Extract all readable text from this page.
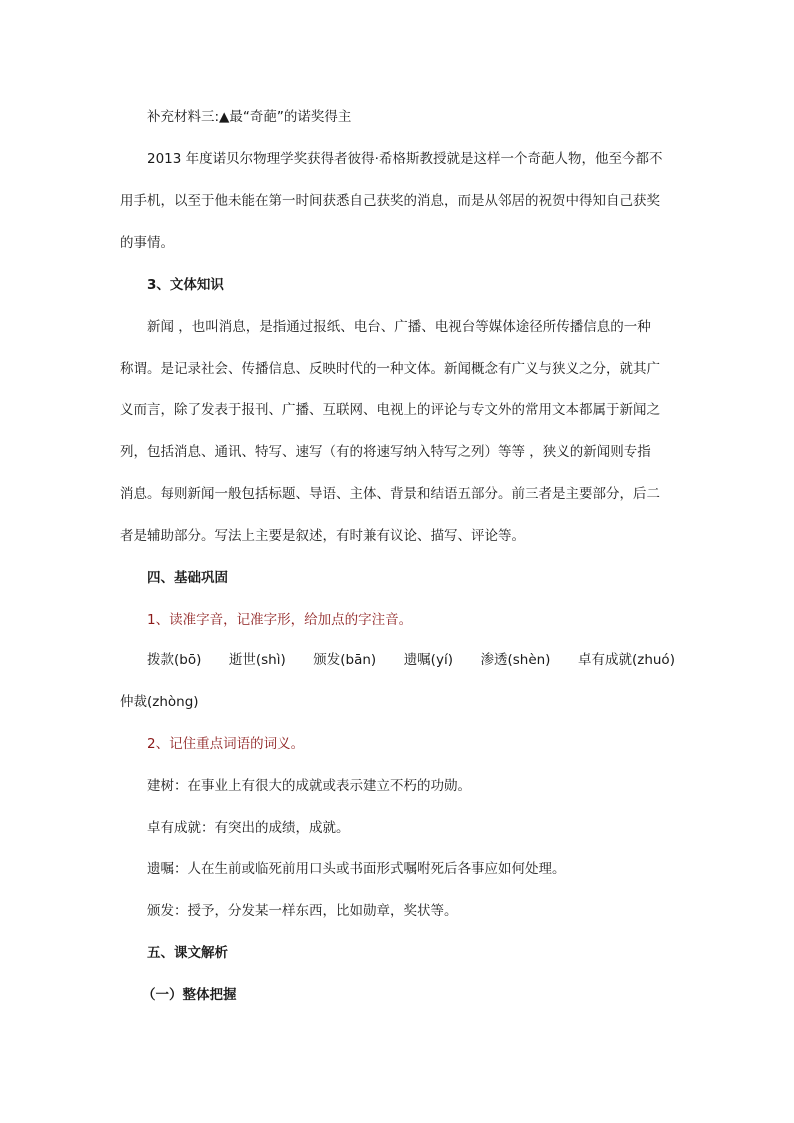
补充材料三:▲最“奇葩”的诺奖得主
2013 年度诺贝尔物理学奖获得者彼得·希格斯教授就是这样一个奇葩人物，他至今都不
用手机，以至于他未能在第一时间获悉自己获奖的消息，而是从邻居的祝贺中得知自己获奖
的事情。
3、文体知识
新闻 ，也叫消息，是指通过报纸、电台、广播、电视台等媒体途径所传播信息的一种
称谓。是记录社会、传播信息、反映时代的一种文体。新闻概念有广义与狭义之分，就其广
义而言，除了发表于报刊、广播、互联网、电视上的评论与专文外的常用文本都属于新闻之
列，包括消息、通讯、特写、速写（有的将速写纳入特写之列）等等 ，狭义的新闻则专指
消息。每则新闻一般包括标题、导语、主体、背景和结语五部分。前三者是主要部分，后二
者是辅助部分。写法上主要是叙述，有时兼有议论、描写、评论等。
四、基础巩固
1、读准字音，记准字形，给加点的字注音。
拨款(bō) 逝世(shì) 颁发(bān) 遗嘱(yí) 渗透(shèn) 卓有成就(zhuó)
仲裁(zhòng)
2、记住重点词语的词义。
建树：在事业上有很大的成就或表示建立不朽的功勋。
卓有成就：有突出的成绩，成就。
遗嘱：人在生前或临死前用口头或书面形式嘱咐死后各事应如何处理。
颁发：授予，分发某一样东西，比如勋章，奖状等。
五、课文解析
（一）整体把握
